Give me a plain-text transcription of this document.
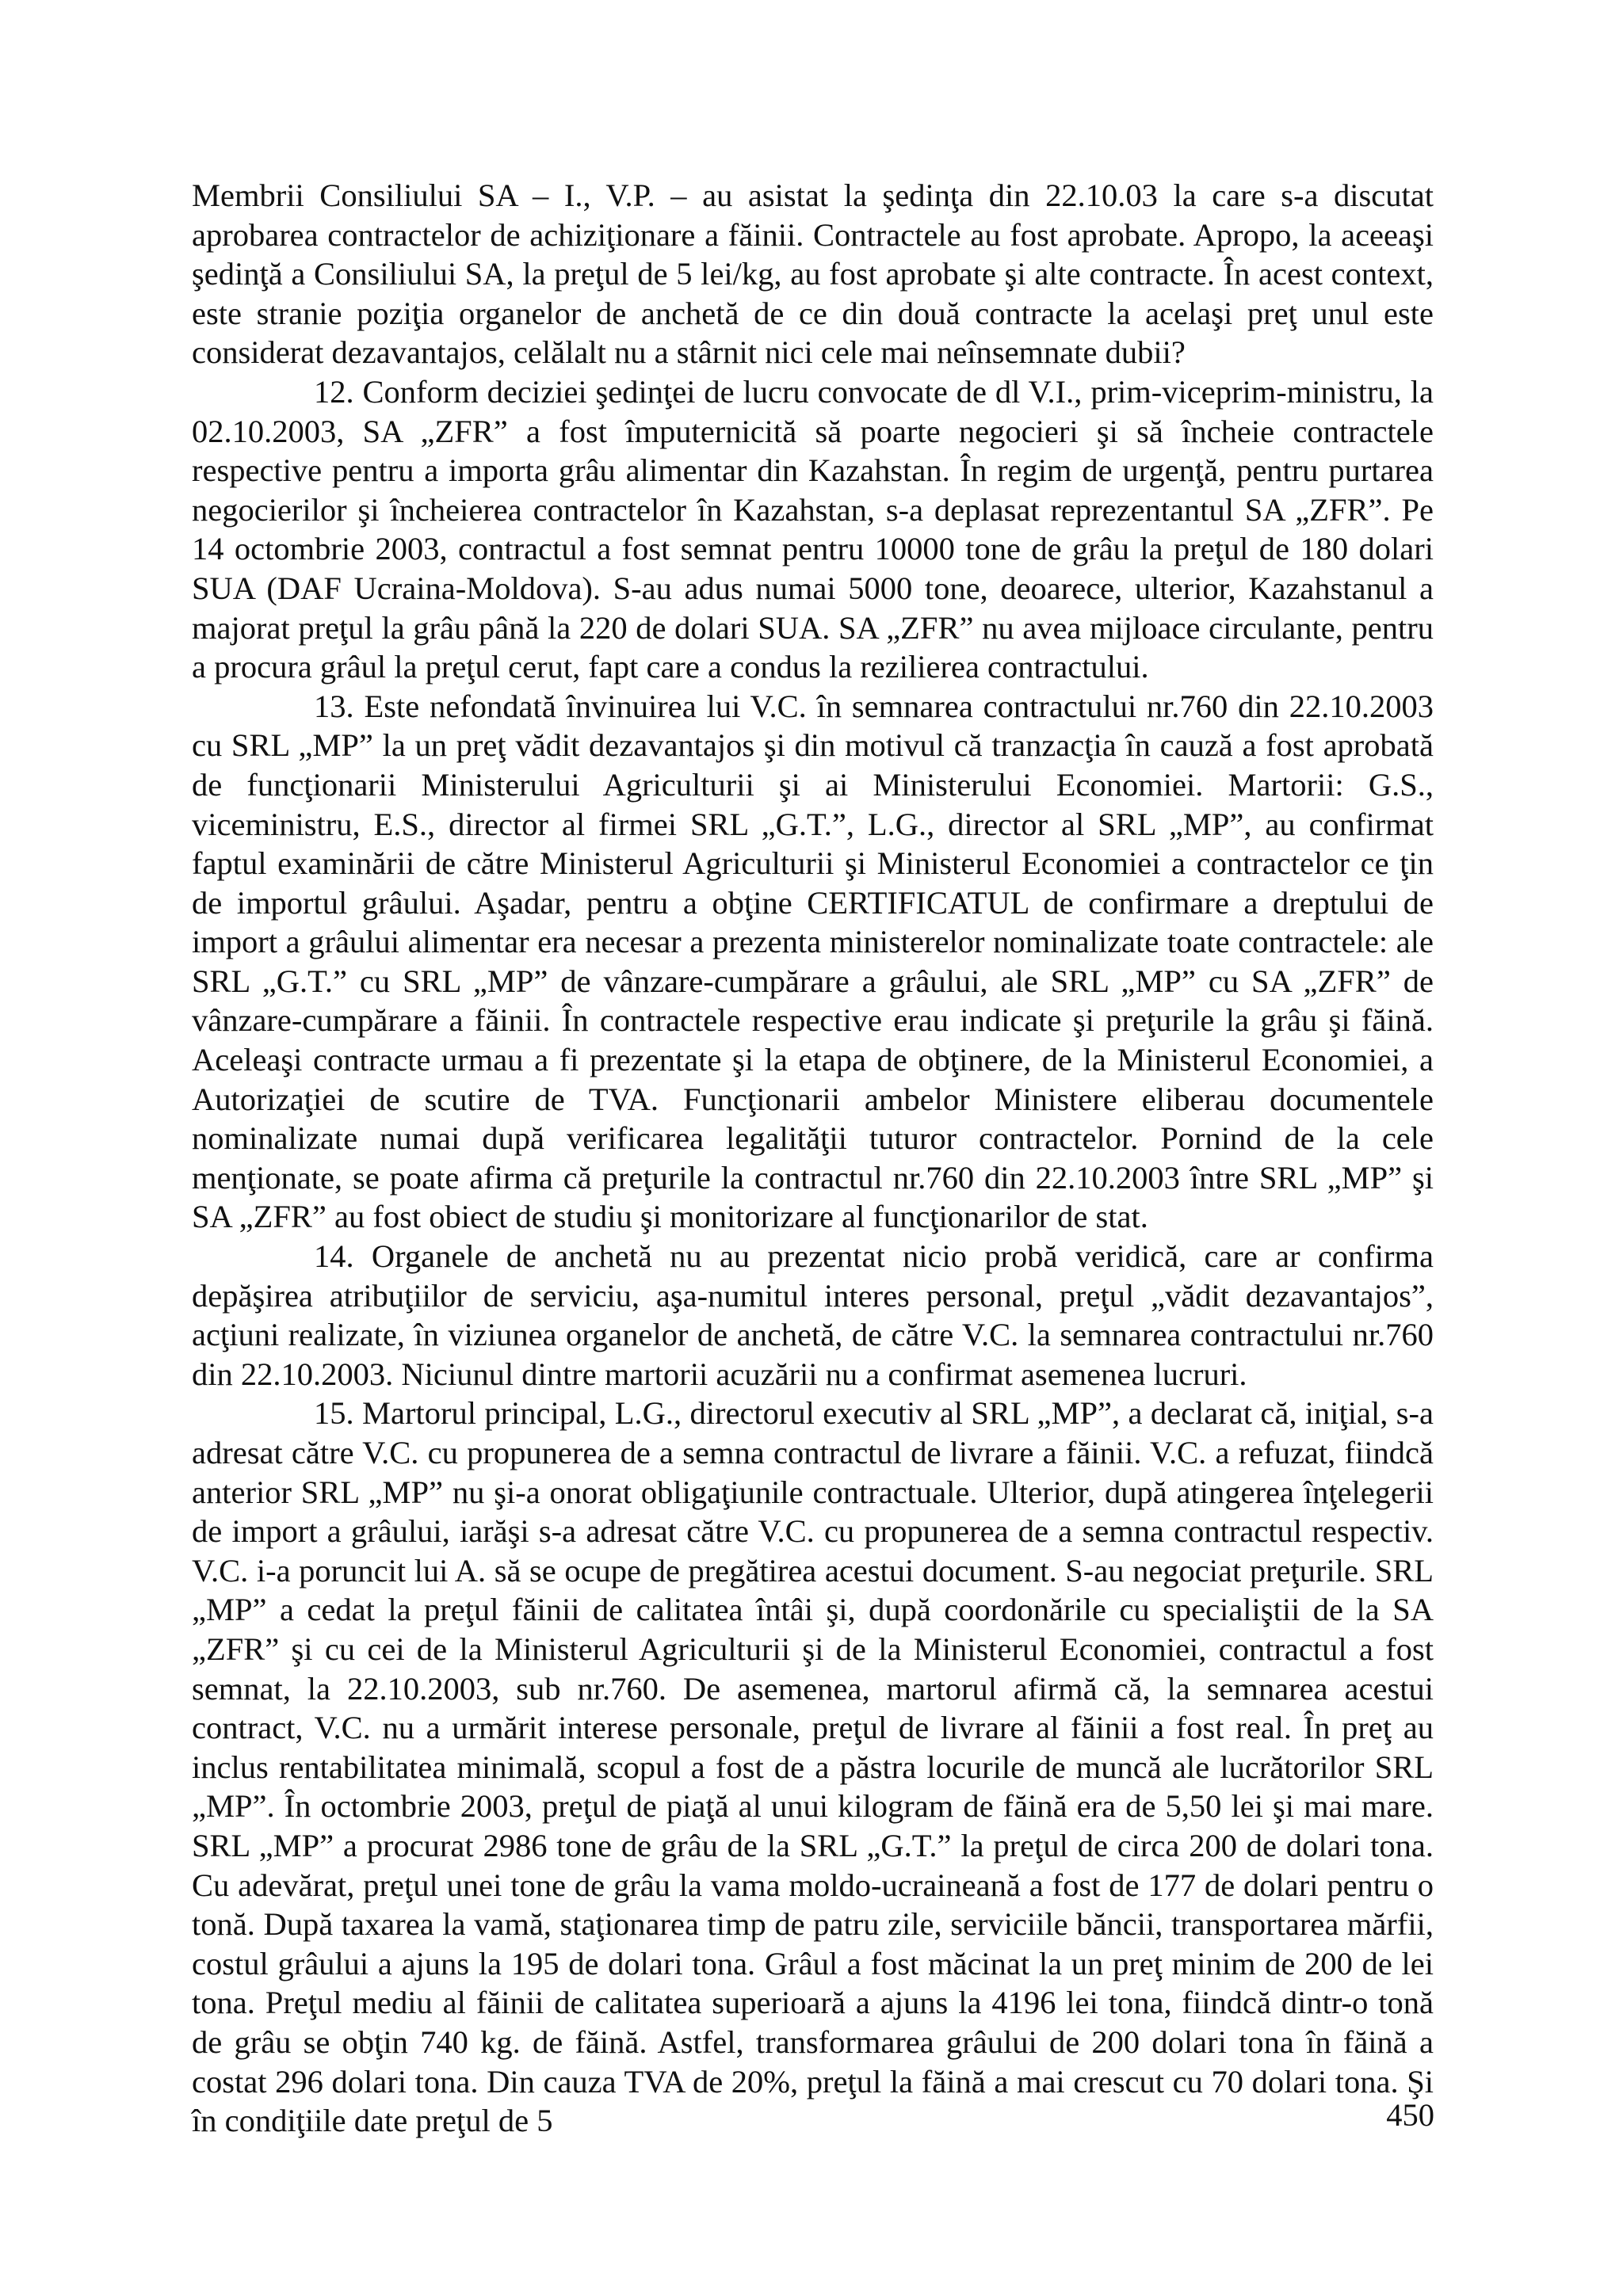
Membrii Consiliului SA – I., V.P. – au asistat la şedinţa din 22.10.03 la care s-a discutat aprobarea contractelor de achiziţionare a făinii. Contractele au fost aprobate. Apropo, la aceeaşi şedinţă a Consiliului SA, la preţul de 5 lei/kg, au fost aprobate şi alte contracte. În acest context, este stranie poziţia organelor de anchetă de ce din două contracte la acelaşi preţ unul este considerat dezavantajos, celălalt nu a stârnit nici cele mai neînsemnate dubii?

12. Conform deciziei şedinţei de lucru convocate de dl V.I., prim-viceprim-ministru, la 02.10.2003, SA „ZFR” a fost împuternicită să poarte negocieri şi să încheie contractele respective pentru a importa grâu alimentar din Kazahstan. În regim de urgenţă, pentru purtarea negocierilor şi încheierea contractelor în Kazahstan, s-a deplasat reprezentantul SA „ZFR”. Pe 14 octombrie 2003, contractul a fost semnat pentru 10000 tone de grâu la preţul de 180 dolari SUA (DAF Ucraina-Moldova). S-au adus numai 5000 tone, deoarece, ulterior, Kazahstanul a majorat preţul la grâu până la 220 de dolari SUA. SA „ZFR” nu avea mijloace circulante, pentru a procura grâul la preţul cerut, fapt care a condus la rezilierea contractului.

13. Este nefondată învinuirea lui V.C. în semnarea contractului nr.760 din 22.10.2003 cu SRL „MP” la un preţ vădit dezavantajos şi din motivul că tranzacţia în cauză a fost aprobată de funcţionarii Ministerului Agriculturii şi ai Ministerului Economiei. Martorii: G.S., viceministru, E.S., director al firmei SRL „G.T.”, L.G., director al SRL „MP”, au confirmat faptul examinării de către Ministerul Agriculturii şi Ministerul Economiei a contractelor ce ţin de importul grâului. Aşadar, pentru a obţine CERTIFICATUL de confirmare a dreptului de import a grâului alimentar era necesar a prezenta ministerelor nominalizate toate contractele: ale SRL „G.T.” cu SRL „MP” de vânzare-cumpărare a grâului, ale SRL „MP” cu SA „ZFR” de vânzare-cumpărare a făinii. În contractele respective erau indicate şi preţurile la grâu şi făină. Aceleaşi contracte urmau a fi prezentate şi la etapa de obţinere, de la Ministerul Economiei, a Autorizaţiei de scutire de TVA. Funcţionarii ambelor Ministere eliberau documentele nominalizate numai după verificarea legalităţii tuturor contractelor. Pornind de la cele menţionate, se poate afirma că preţurile la contractul nr.760 din 22.10.2003 între SRL „MP” şi SA „ZFR” au fost obiect de studiu şi monitorizare al funcţionarilor de stat.

14. Organele de anchetă nu au prezentat nicio probă veridică, care ar confirma depăşirea atribuţiilor de serviciu, aşa-numitul interes personal, preţul „vădit dezavantajos”, acţiuni realizate, în viziunea organelor de anchetă, de către V.C. la semnarea contractului nr.760 din 22.10.2003. Niciunul dintre martorii acuzării nu a confirmat asemenea lucruri.

15. Martorul principal, L.G., directorul executiv al SRL „MP”, a declarat că, iniţial, s-a adresat către V.C. cu propunerea de a semna contractul de livrare a făinii. V.C. a refuzat, fiindcă anterior SRL „MP” nu şi-a onorat obligaţiunile contractuale. Ulterior, după atingerea înţelegerii de import a grâului, iarăşi s-a adresat către V.C. cu propunerea de a semna contractul respectiv. V.C. i-a poruncit lui A. să se ocupe de pregătirea acestui document. S-au negociat preţurile. SRL „MP” a cedat la preţul făinii de calitatea întâi şi, după coordonările cu specialiştii de la SA „ZFR” şi cu cei de la Ministerul Agriculturii şi de la Ministerul Economiei, contractul a fost semnat, la 22.10.2003, sub nr.760. De asemenea, martorul afirmă că, la semnarea acestui contract, V.C. nu a urmărit interese personale, preţul de livrare al făinii a fost real. În preţ au inclus rentabilitatea minimală, scopul a fost de a păstra locurile de muncă ale lucrătorilor SRL „MP”. În octombrie 2003, preţul de piaţă al unui kilogram de făină era de 5,50 lei şi mai mare. SRL „MP” a procurat 2986 tone de grâu de la SRL „G.T.” la preţul de circa 200 de dolari tona. Cu adevărat, preţul unei tone de grâu la vama moldo-ucraineană a fost de 177 de dolari pentru o tonă. După taxarea la vamă, staţionarea timp de patru zile, serviciile băncii, transportarea mărfii, costul grâului a ajuns la 195 de dolari tona. Grâul a fost măcinat la un preţ minim de 200 de lei tona. Preţul mediu al făinii de calitatea superioară a ajuns la 4196 lei tona, fiindcă dintr-o tonă de grâu se obţin 740 kg. de făină. Astfel, transformarea grâului de 200 dolari tona în făină a costat 296 dolari tona. Din cauza TVA de 20%, preţul la făină a mai crescut cu 70 dolari tona. Şi în condiţiile date preţul de 5	450
